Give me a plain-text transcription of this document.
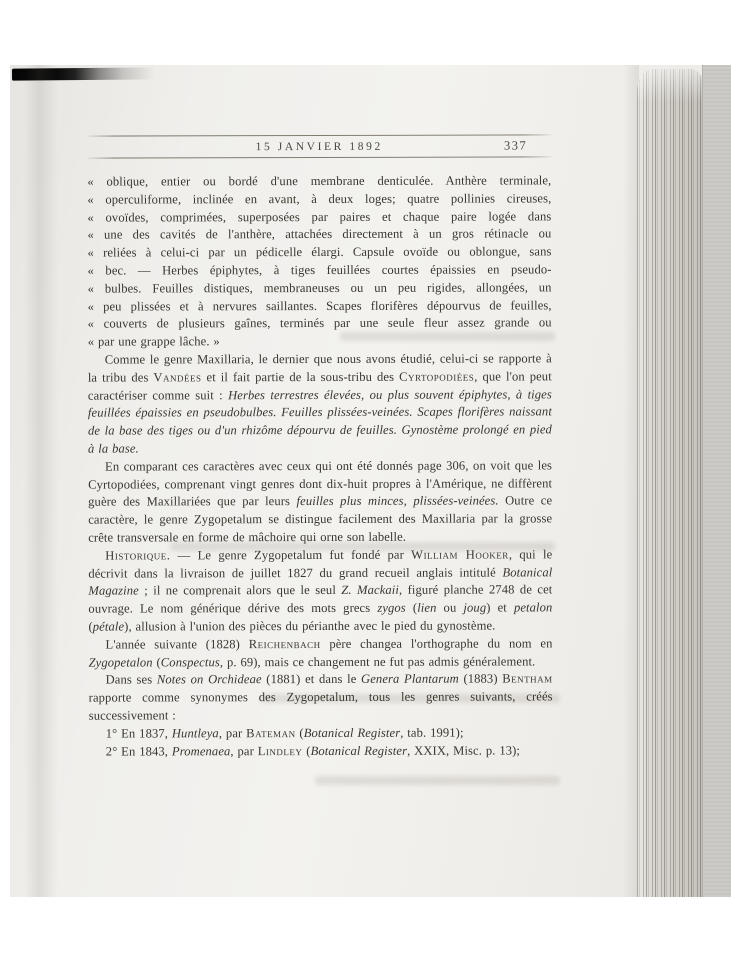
15 JANVIER 1892	337
« oblique, entier ou bordé d'une membrane denticulée. Anthère terminale,
« operculiforme, inclinée en avant, à deux loges; quatre pollinies cireuses,
« ovoïdes, comprimées, superposées par paires et chaque paire logée dans
« une des cavités de l'anthère, attachées directement à un gros rétinacle ou
« reliées à celui-ci par un pédicelle élargi. Capsule ovoïde ou oblongue, sans
« bec. — Herbes épiphytes, à tiges feuillées courtes épaissies en pseudo-
« bulbes. Feuilles distiques, membraneuses ou un peu rigides, allongées, un
« peu plissées et à nervures saillantes. Scapes florifères dépourvus de feuilles,
« couverts de plusieurs gaînes, terminés par une seule fleur assez grande ou
« par une grappe lâche. »

Comme le genre Maxillaria, le dernier que nous avons étudié, celui-ci se rapporte à la tribu des Vandées et il fait partie de la sous-tribu des Cyrtopodiées, que l'on peut caractériser comme suit : Herbes terrestres élevées, ou plus souvent épiphytes, à tiges feuillées épaissies en pseudobulbes. Feuilles plissées-veinées. Scapes florifères naissant de la base des tiges ou d'un rhizôme dépourvu de feuilles. Gynostème prolongé en pied à la base.

En comparant ces caractères avec ceux qui ont été donnés page 306, on voit que les Cyrtopodiées, comprenant vingt genres dont dix-huit propres à l'Amérique, ne diffèrent guère des Maxillariées que par leurs feuilles plus minces, plissées-veinées. Outre ce caractère, le genre Zygopetalum se distingue facilement des Maxillaria par la grosse crête transversale en forme de mâchoire qui orne son labelle.

Historique. — Le genre Zygopetalum fut fondé par William Hooker, qui le décrivit dans la livraison de juillet 1827 du grand recueil anglais intitulé Botanical Magazine ; il ne comprenait alors que le seul Z. Mackaii, figuré planche 2748 de cet ouvrage. Le nom générique dérive des mots grecs zygos (lien ou joug) et petalon (pétale), allusion à l'union des pièces du périanthe avec le pied du gynostème.

L'année suivante (1828) Reichenbach père changea l'orthographe du nom en Zygopetalon (Conspectus, p. 69), mais ce changement ne fut pas admis généralement.

Dans ses Notes on Orchideae (1881) et dans le Genera Plantarum (1883) Bentham rapporte comme synonymes des Zygopetalum, tous les genres suivants, créés successivement :

1° En 1837, Huntleya, par Bateman (Botanical Register, tab. 1991);

2° En 1843, Promenaea, par Lindley (Botanical Register, XXIX, Misc. p. 13);
